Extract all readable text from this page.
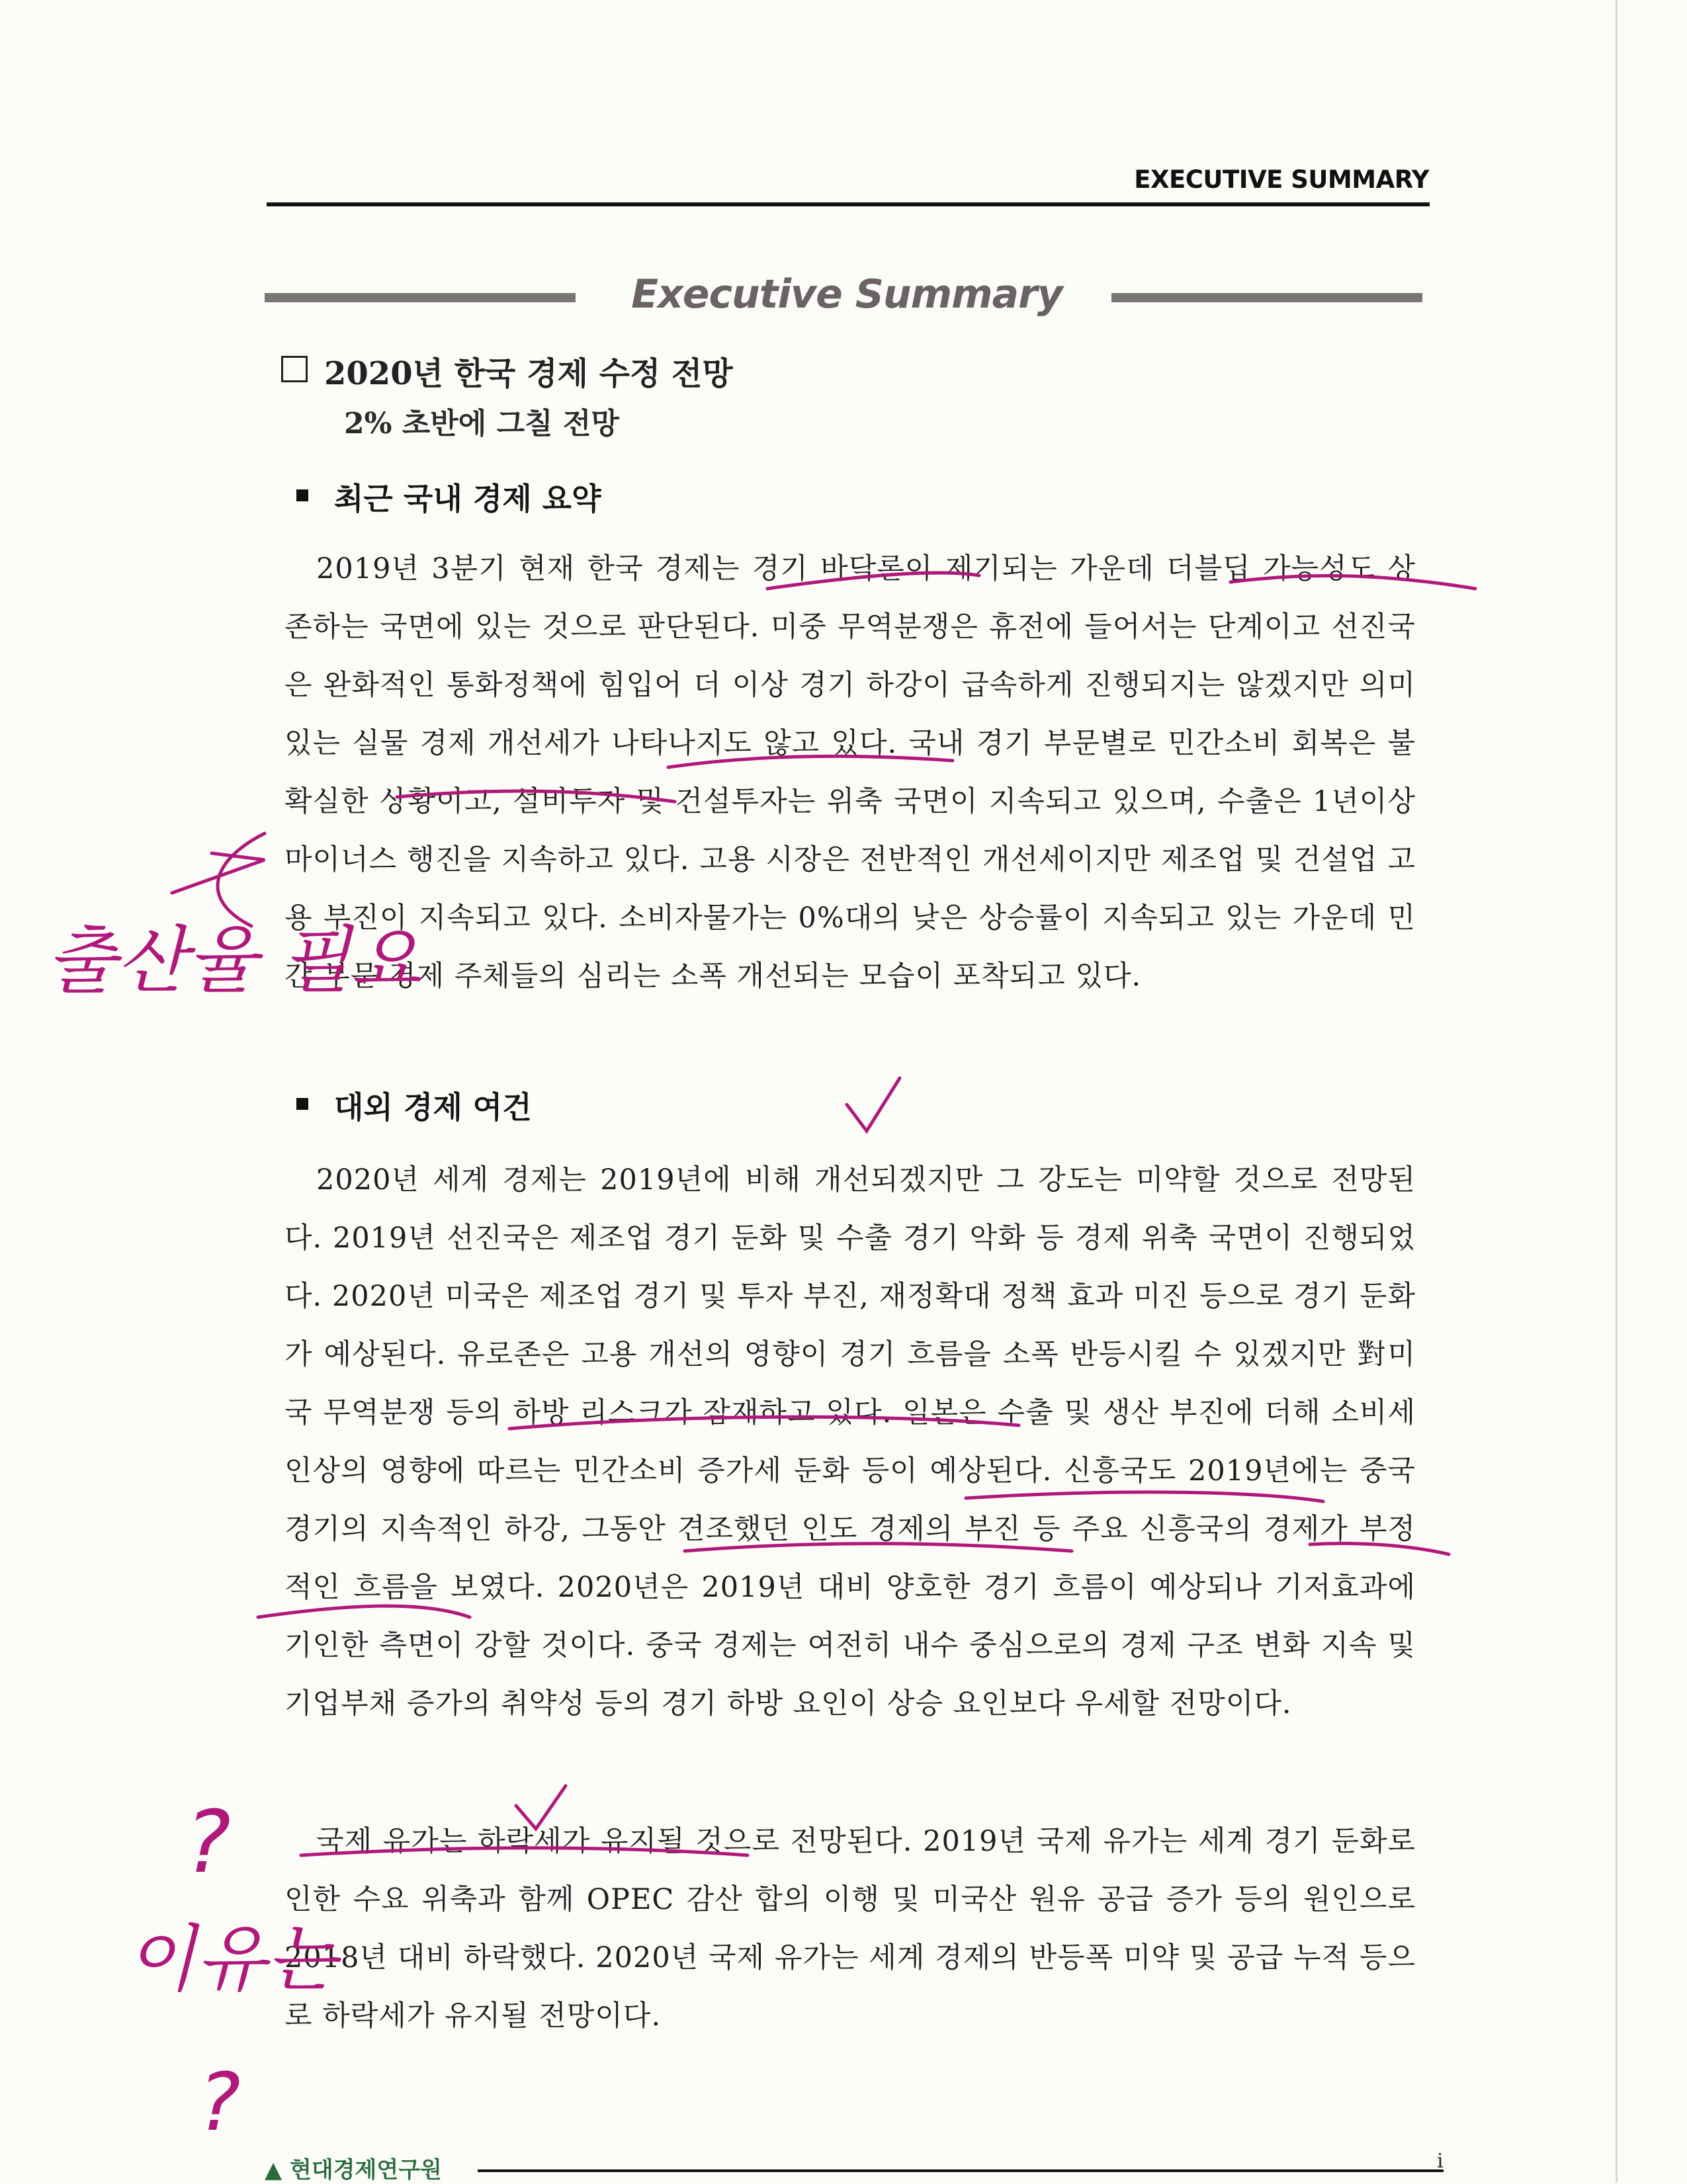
EXECUTIVE SUMMARY
Executive Summary
2020년 한국 경제 수정 전망
2% 초반에 그칠 전망
최근 국내 경제 요약
2019년 3분기 현재 한국 경제는 경기 바닥론이 제기되는 가운데 더블딥 가능성도 상존하는 국면에 있는 것으로 판단된다. 미중 무역분쟁은 휴전에 들어서는 단계이고 선진국은 완화적인 통화정책에 힘입어 더 이상 경기 하강이 급속하게 진행되지는 않겠지만 의미있는 실물 경제 개선세가 나타나지도 않고 있다. 국내 경기 부문별로 민간소비 회복은 불확실한 상황이고, 설비투자 및 건설투자는 위축 국면이 지속되고 있으며, 수출은 1년이상 마이너스 행진을 지속하고 있다. 고용 시장은 전반적인 개선세이지만 제조업 및 건설업 고용 부진이 지속되고 있다. 소비자물가는 0%대의 낮은 상승률이 지속되고 있는 가운데 민간 부문 경제 주체들의 심리는 소폭 개선되는 모습이 포착되고 있다.
대외 경제 여건
2020년 세계 경제는 2019년에 비해 개선되겠지만 그 강도는 미약할 것으로 전망된다. 2019년 선진국은 제조업 경기 둔화 및 수출 경기 악화 등 경제 위축 국면이 진행되었다. 2020년 미국은 제조업 경기 및 투자 부진, 재정확대 정책 효과 미진 등으로 경기 둔화가 예상된다. 유로존은 고용 개선의 영향이 경기 흐름을 소폭 반등시킬 수 있겠지만 對미국 무역분쟁 등의 하방 리스크가 잠재하고 있다. 일본은 수출 및 생산 부진에 더해 소비세 인상의 영향에 따르는 민간소비 증가세 둔화 등이 예상된다. 신흥국도 2019년에는 중국 경기의 지속적인 하강, 그동안 견조했던 인도 경제의 부진 등 주요 신흥국의 경제가 부정적인 흐름을 보였다. 2020년은 2019년 대비 양호한 경기 흐름이 예상되나 기저효과에 기인한 측면이 강할 것이다. 중국 경제는 여전히 내수 중심으로의 경제 구조 변화 지속 및 기업부채 증가의 취약성 등의 경기 하방 요인이 상승 요인보다 우세할 전망이다.
국제 유가는 하락세가 유지될 것으로 전망된다. 2019년 국제 유가는 세계 경기 둔화로 인한 수요 위축과 함께 OPEC 감산 합의 이행 및 미국산 원유 공급 증가 등의 원인으로 2018년 대비 하락했다. 2020년 국제 유가는 세계 경제의 반등폭 미약 및 공급 누적 등으로 하락세가 유지될 전망이다.
출산율 필요
?
이유는
?
▲ 현대경제연구원	i
